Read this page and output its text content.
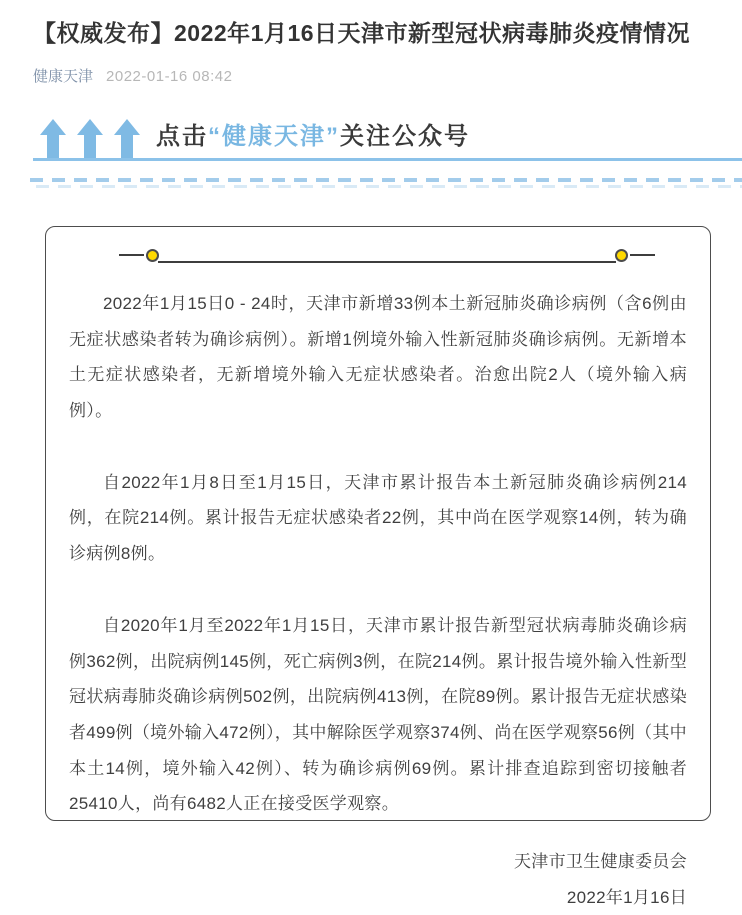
【权威发布】2022年1月16日天津市新型冠状病毒肺炎疫情情况
健康天津 2022-01-16 08:42
点击“健康天津”关注公众号

2022年1月15日0 - 24时，天津市新增33例本土新冠肺炎确诊病例（含6例由无症状感染者转为确诊病例）。新增1例境外输入性新冠肺炎确诊病例。无新增本土无症状感染者，无新增境外输入无症状感染者。治愈出院2人（境外输入病例）。

自2022年1月8日至1月15日，天津市累计报告本土新冠肺炎确诊病例214例，在院214例。累计报告无症状感染者22例，其中尚在医学观察14例，转为确诊病例8例。

自2020年1月至2022年1月15日，天津市累计报告新型冠状病毒肺炎确诊病例362例，出院病例145例，死亡病例3例，在院214例。累计报告境外输入性新型冠状病毒肺炎确诊病例502例，出院病例413例，在院89例。累计报告无症状感染者499例（境外输入472例），其中解除医学观察374例、尚在医学观察56例（其中本土14例，境外输入42例）、转为确诊病例69例。累计排查追踪到密切接触者25410人，尚有6482人正在接受医学观察。

天津市卫生健康委员会
2022年1月16日
